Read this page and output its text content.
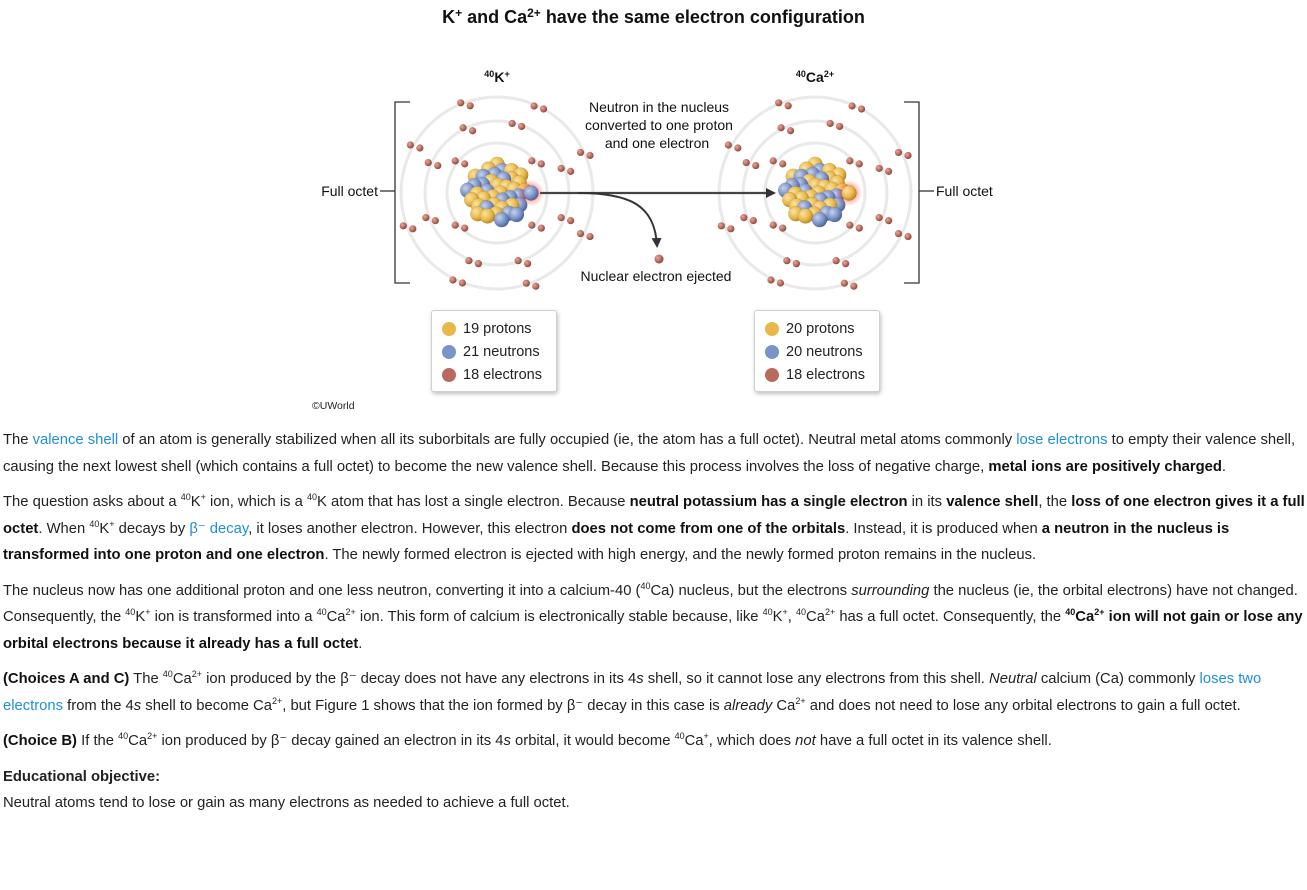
K+ and $Ca^{2+}$ have the same electron configuration
$^{40}$K+	$^{40}Ca^{2+}$
Full octet	Full octet
Neutron in the nucleus
converted to one proton
and one electron
Nuclear electron ejected
19 protons
21 neutrons
18 electrons
20 protons
20 neutrons
18 electrons
©UWorld

The valence shell of an atom is generally stabilized when all its suborbitals are fully occupied (ie, the atom has a full octet). Neutral metal atoms commonly lose electrons to empty their valence shell, causing the next lowest shell (which contains a full octet) to become the new valence shell. Because this process involves the loss of negative charge, metal ions are positively charged.

The question asks about a $^{40}$K+ ion, which is a $^{40}$K atom that has lost a single electron. Because neutral potassium has a single electron in its valence shell, the loss of one electron gives it a full octet. When $^{40}$K+ decays by β⁻ decay, it loses another electron. However, this electron does not come from one of the orbitals. Instead, it is produced when a neutron in the nucleus is transformed into one proton and one electron. The newly formed electron is ejected with high energy, and the newly formed proton remains in the nucleus.

The nucleus now has one additional proton and one less neutron, converting it into a calcium-40 ($^{40}$Ca) nucleus, but the electrons surrounding the nucleus (ie, the orbital electrons) have not changed. Consequently, the $^{40}$K+ ion is transformed into a $^{40}Ca^{2+}$ ion. This form of calcium is electronically stable because, like $^{40}$K+, $^{40}Ca^{2+}$ has a full octet. Consequently, the $^{40}Ca^{2+}$ ion will not gain or lose any orbital electrons because it already has a full octet.

(Choices A and C) The $^{40}Ca^{2+}$ ion produced by the β⁻ decay does not have any electrons in its 4s shell, so it cannot lose any electrons from this shell. Neutral calcium (Ca) commonly loses two electrons from the 4s shell to become $Ca^{2+}$, but Figure 1 shows that the ion formed by β⁻ decay in this case is already $Ca^{2+}$ and does not need to lose any orbital electrons to gain a full octet.

(Choice B) If the $^{40}Ca^{2+}$ ion produced by β⁻ decay gained an electron in its 4s orbital, it would become $^{40}$Ca+, which does not have a full octet in its valence shell.

Educational objective:

Neutral atoms tend to lose or gain as many electrons as needed to achieve a full octet.
